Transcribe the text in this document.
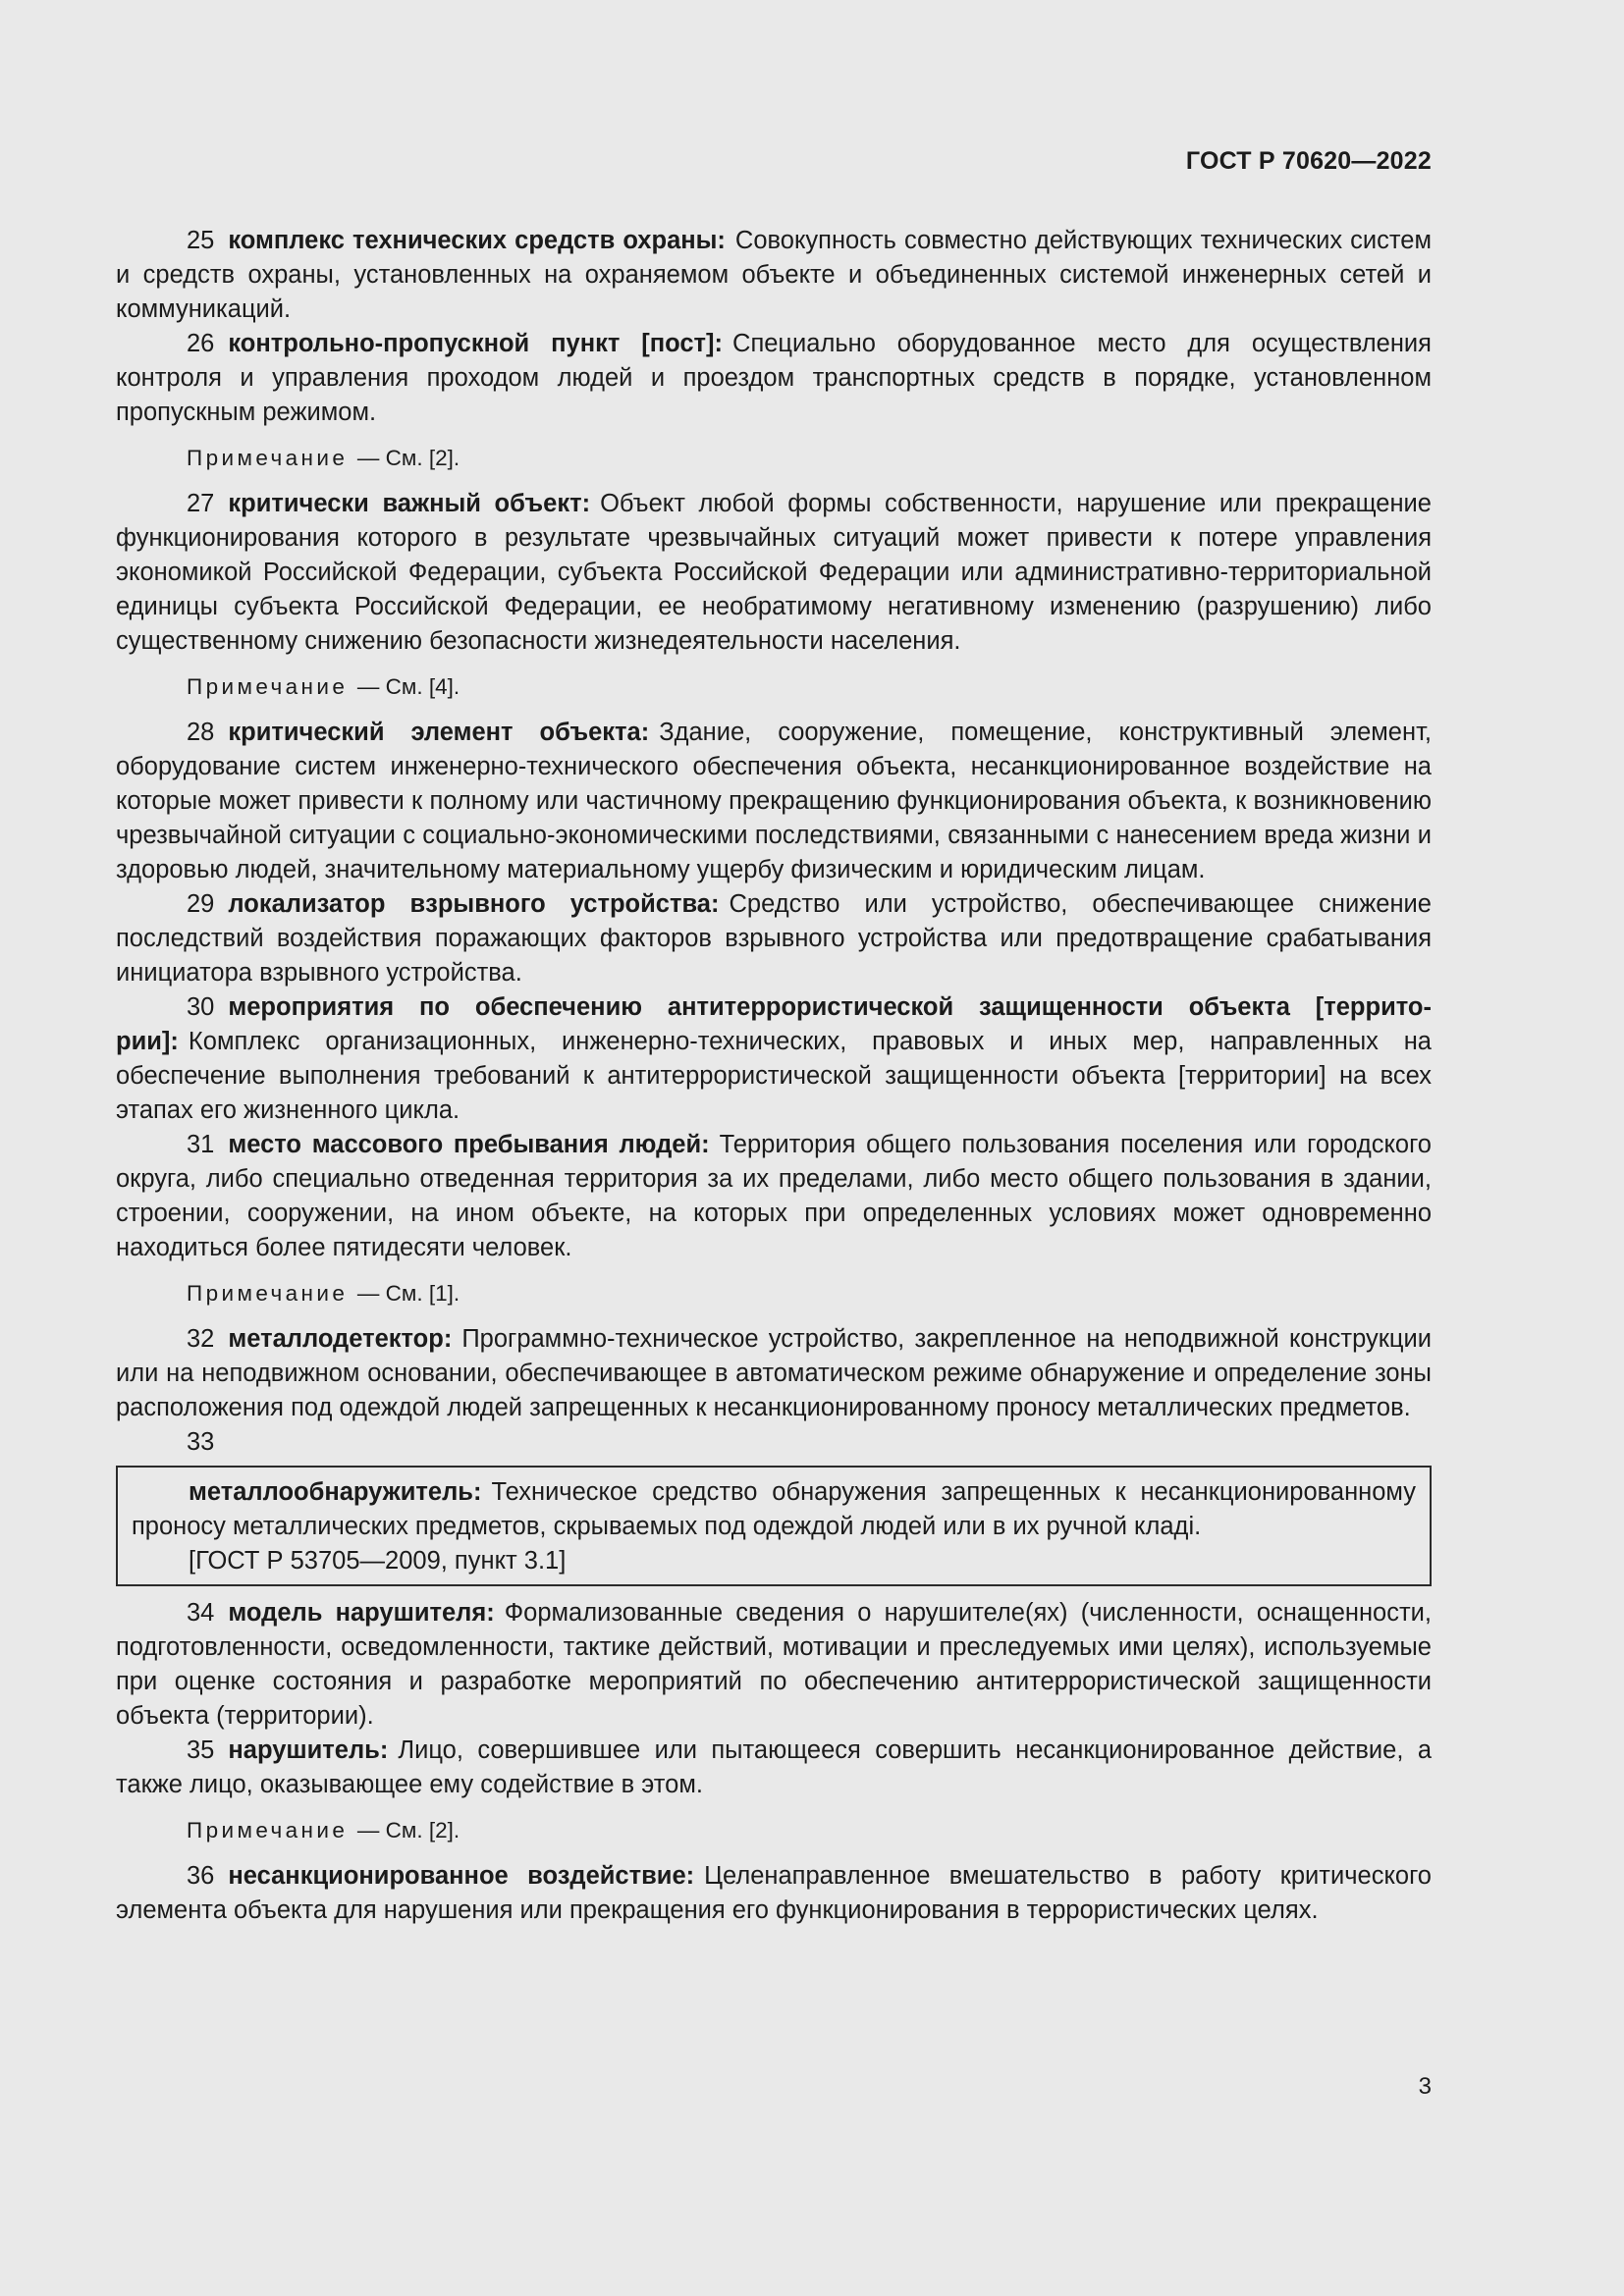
ГОСТ Р 70620—2022

25 комплекс технических средств охраны: Совокупность совместно действующих технических систем и средств охраны, установленных на охраняемом объекте и объединенных системой инженерных сетей и коммуникаций.

26 контрольно-пропускной пункт [пост]: Специально оборудованное место для осуществления контроля и управления проходом людей и проездом транспортных средств в порядке, установленном пропускным режимом.

Примечание — См. [2].

27 критически важный объект: Объект любой формы собственности, нарушение или прекращение функционирования которого в результате чрезвычайных ситуаций может привести к потере управления экономикой Российской Федерации, субъекта Российской Федерации или административно-территориальной единицы субъекта Российской Федерации, ее необратимому негативному изменению (разрушению) либо существенному снижению безопасности жизнедеятельности населения.

Примечание — См. [4].

28 критический элемент объекта: Здание, сооружение, помещение, конструктивный элемент, оборудование систем инженерно-технического обеспечения объекта, несанкционированное воздействие на которые может привести к полному или частичному прекращению функционирования объекта, к возникновению чрезвычайной ситуации с социально-экономическими последствиями, связанными с нанесением вреда жизни и здоровью людей, значительному материальному ущербу физическим и юридическим лицам.

29 локализатор взрывного устройства: Средство или устройство, обеспечивающее снижение последствий воздействия поражающих факторов взрывного устройства или предотвращение срабатывания инициатора взрывного устройства.

30 мероприятия по обеспечению антитеррористической защищенности объекта [территории]: Комплекс организационных, инженерно-технических, правовых и иных мер, направленных на обеспечение выполнения требований к антитеррористической защищенности объекта [территории] на всех этапах его жизненного цикла.

31 место массового пребывания людей: Территория общего пользования поселения или городского округа, либо специально отведенная территория за их пределами, либо место общего пользования в здании, строении, сооружении, на ином объекте, на которых при определенных условиях может одновременно находиться более пятидесяти человек.

Примечание — См. [1].

32 металлодетектор: Программно-техническое устройство, закрепленное на неподвижной конструкции или на неподвижном основании, обеспечивающее в автоматическом режиме обнаружение и определение зоны расположения под одеждой людей запрещенных к несанкционированному проносу металлических предметов.

33

металлообнаружитель: Техническое средство обнаружения запрещенных к несанкционированному проносу металлических предметов, скрываемых под одеждой людей или в их ручной кладі.

[ГОСТ Р 53705—2009, пункт 3.1]

34 модель нарушителя: Формализованные сведения о нарушителе(ях) (численности, оснащенности, подготовленности, осведомленности, тактике действий, мотивации и преследуемых ими целях), используемые при оценке состояния и разработке мероприятий по обеспечению антитеррористической защищенности объекта (территории).

35 нарушитель: Лицо, совершившее или пытающееся совершить несанкционированное действие, а также лицо, оказывающее ему содействие в этом.

Примечание — См. [2].

36 несанкционированное воздействие: Целенаправленное вмешательство в работу критического элемента объекта для нарушения или прекращения его функционирования в террористических целях.

3
